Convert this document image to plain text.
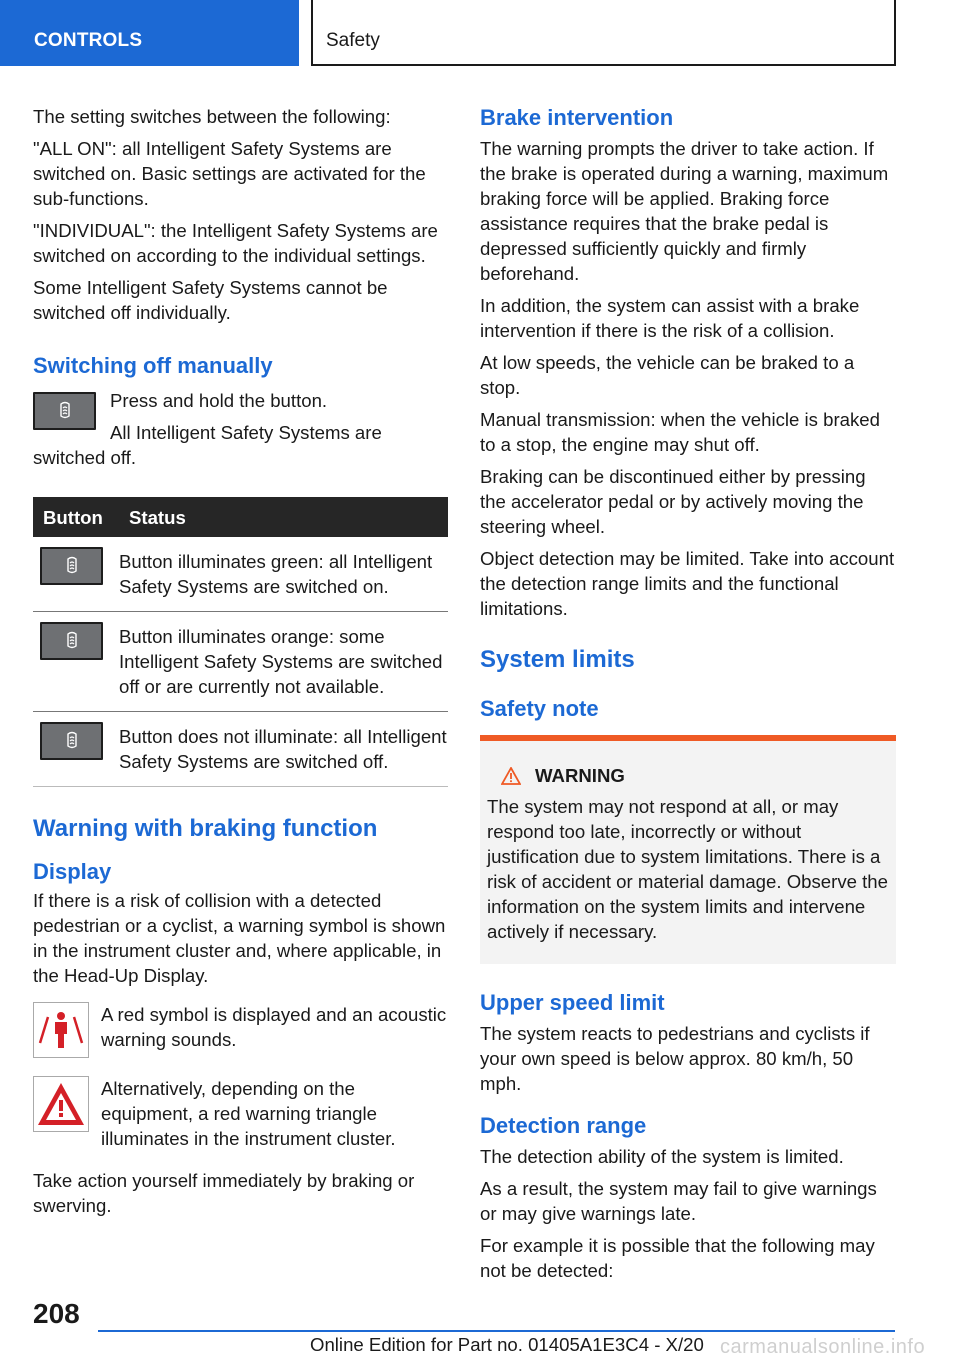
CONTROLS	Safety

The setting switches between the following:

"ALL ON": all Intelligent Safety Systems are switched on. Basic settings are activated for the sub-functions.

"INDIVIDUAL": the Intelligent Safety Systems are switched on according to the individual settings.

Some Intelligent Safety Systems cannot be switched off individually.

Switching off manually

Press and hold the button.

All Intelligent Safety Systems are switched off.

Button	Status

	Button illuminates green: all Intelligent Safety Systems are switched on.

	Button illuminates orange: some Intelligent Safety Systems are switched off or are currently not available.

	Button does not illuminate: all Intelligent Safety Systems are switched off.
Warning with braking function
Display

If there is a risk of collision with a detected pedestrian or a cyclist, a warning symbol is shown in the instrument cluster and, where applicable, in the Head-Up Display.

A red symbol is displayed and an acoustic warning sounds.

Alternatively, depending on the equipment, a red warning triangle illuminates in the instrument cluster.

Take action yourself immediately by braking or swerving.

Brake intervention

The warning prompts the driver to take action. If the brake is operated during a warning, maximum braking force will be applied. Braking force assistance requires that the brake pedal is depressed sufficiently quickly and firmly beforehand.

In addition, the system can assist with a brake intervention if there is the risk of a collision.

At low speeds, the vehicle can be braked to a stop.

Manual transmission: when the vehicle is braked to a stop, the engine may shut off.

Braking can be discontinued either by pressing the accelerator pedal or by actively moving the steering wheel.

Object detection may be limited. Take into account the detection range limits and the functional limitations.

System limits
Safety note
WARNING

The system may not respond at all, or may respond too late, incorrectly or without justification due to system limitations. There is a risk of accident or material damage. Observe the information on the system limits and intervene actively if necessary.

Upper speed limit

The system reacts to pedestrians and cyclists if your own speed is below approx. 80 km/h, 50 mph.

Detection range

The detection ability of the system is limited.

As a result, the system may fail to give warnings or may give warnings late.

For example it is possible that the following may not be detected:

208
Online Edition for Part no. 01405A1E3C4 - X/20 carmanualsonline.info
